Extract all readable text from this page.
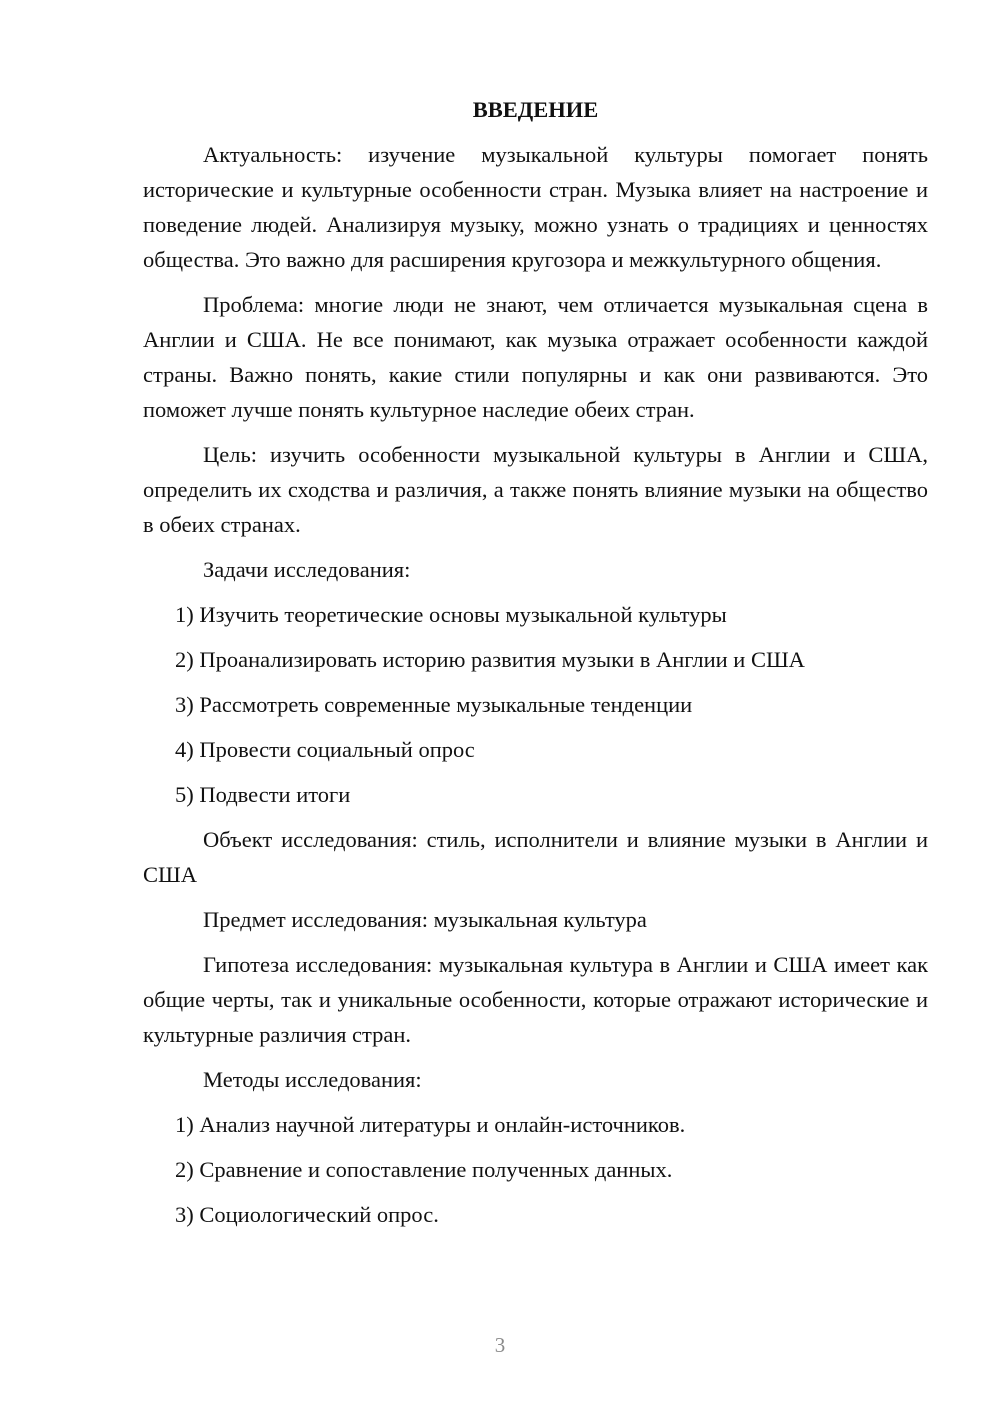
ВВЕДЕНИЕ

Актуальность: изучение музыкальной культуры помогает понять исторические и культурные особенности стран. Музыка влияет на настроение и поведение людей. Анализируя музыку, можно узнать о традициях и ценностях общества. Это важно для расширения кругозора и межкультурного общения.

Проблема: многие люди не знают, чем отличается музыкальная сцена в Англии и США. Не все понимают, как музыка отражает особенности каждой страны. Важно понять, какие стили популярны и как они развиваются. Это поможет лучше понять культурное наследие обеих стран.

Цель: изучить особенности музыкальной культуры в Англии и США, определить их сходства и различия, а также понять влияние музыки на общество в обеих странах.

Задачи исследования:

1) Изучить теоретические основы музыкальной культуры
2) Проанализировать историю развития музыки в Англии и США
3) Рассмотреть современные музыкальные тенденции
4) Провести социальный опрос
5) Подвести итоги

Объект исследования: стиль, исполнители и влияние музыки в Англии и США

Предмет исследования: музыкальная культура

Гипотеза исследования: музыкальная культура в Англии и США имеет как общие черты, так и уникальные особенности, которые отражают исторические и культурные различия стран.

Методы исследования:

1) Анализ научной литературы и онлайн-источников.
2) Сравнение и сопоставление полученных данных.
3) Социологический опрос.
3
